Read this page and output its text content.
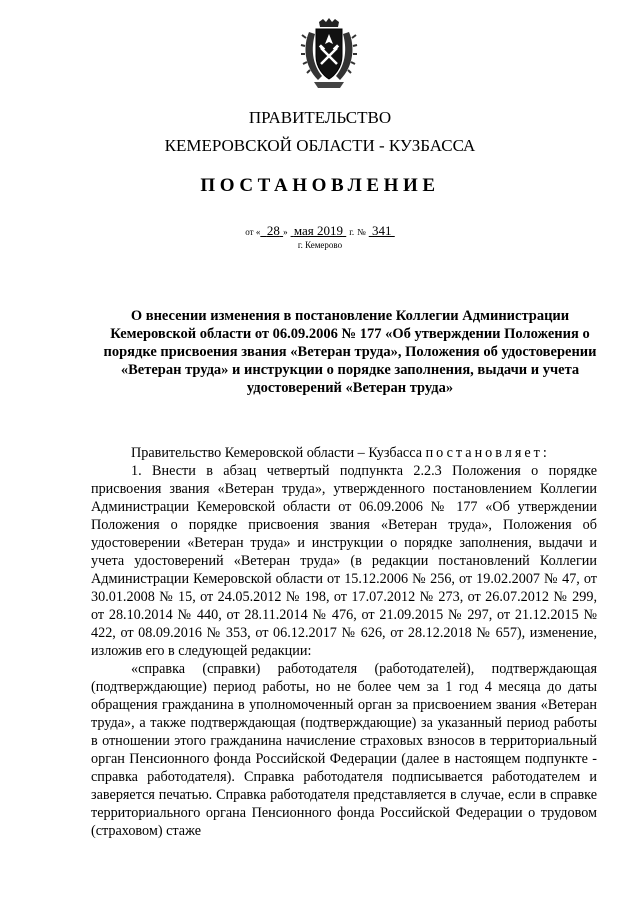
ПРАВИТЕЛЬСТВО
КЕМЕРОВСКОЙ ОБЛАСТИ - КУЗБАССА
ПОСТАНОВЛЕНИЕ
от « 28 » мая 2019 г. № 341
г. Кемерово
О внесении изменения в постановление Коллегии Администрации Кемеровской области от 06.09.2006 № 177 «Об утверждении Положения о порядке присвоения звания «Ветеран труда», Положения об удостоверении «Ветеран труда» и инструкции о порядке заполнения, выдачи и учета удостоверений «Ветеран труда»

Правительство Кемеровской области – Кузбасса постановляет:

1. Внести в абзац четвертый подпункта 2.2.3 Положения о порядке присвоения звания «Ветеран труда», утвержденного постановлением Коллегии Администрации Кемеровской области от 06.09.2006 № 177 «Об утверждении Положения о порядке присвоения звания «Ветеран труда», Положения об удостоверении «Ветеран труда» и инструкции о порядке заполнения, выдачи и учета удостоверений «Ветеран труда» (в редакции постановлений Коллегии Администрации Кемеровской области от 15.12.2006 № 256, от 19.02.2007 № 47, от 30.01.2008 № 15, от 24.05.2012 № 198, от 17.07.2012 № 273, от 26.07.2012 № 299, от 28.10.2014 № 440, от 28.11.2014 № 476, от 21.09.2015 № 297, от 21.12.2015 № 422, от 08.09.2016 № 353, от 06.12.2017 № 626, от 28.12.2018 № 657), изменение, изложив его в следующей редакции:

«справка (справки) работодателя (работодателей), подтверждающая (подтверждающие) период работы, но не более чем за 1 год 4 месяца до даты обращения гражданина в уполномоченный орган за присвоением звания «Ветеран труда», а также подтверждающая (подтверждающие) за указанный период работы в отношении этого гражданина начисление страховых взносов в территориальный орган Пенсионного фонда Российской Федерации (далее в настоящем подпункте - справка работодателя). Справка работодателя подписывается работодателем и заверяется печатью. Справка работодателя представляется в случае, если в справке территориального органа Пенсионного фонда Российской Федерации о трудовом (страховом) стаже
